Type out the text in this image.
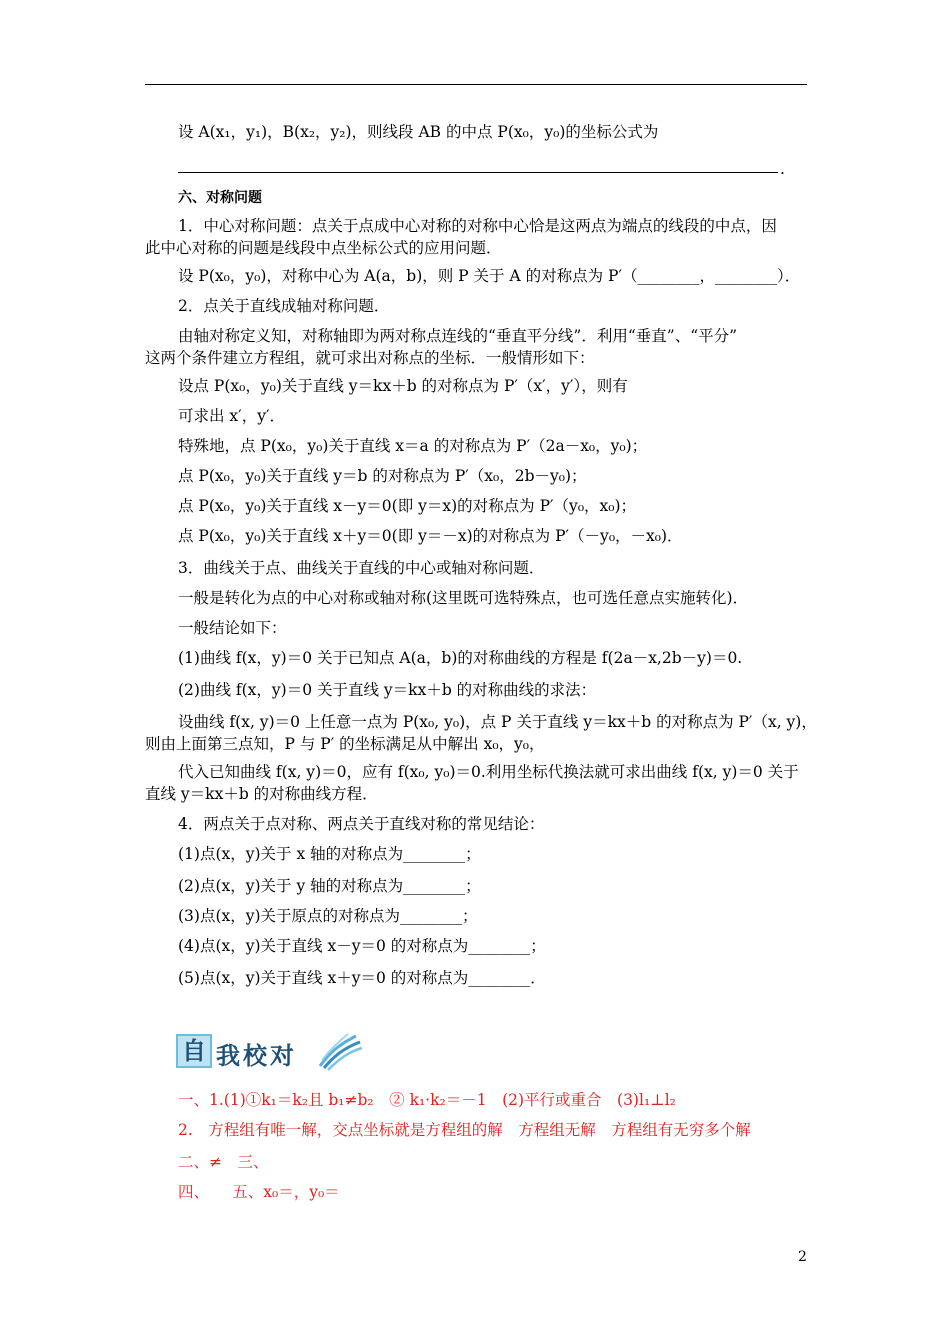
设 A(x₁，y₁)，B(x₂，y₂)，则线段 AB 的中点 P(x₀，y₀)的坐标公式为
.
六、对称问题
1．中心对称问题：点关于点成中心对称的对称中心恰是这两点为端点的线段的中点，因
此中心对称的问题是线段中点坐标公式的应用问题．
设 P(x₀，y₀)，对称中心为 A(a，b)，则 P 关于 A 的对称点为 P′（________，________）．
2．点关于直线成轴对称问题．
由轴对称定义知，对称轴即为两对称点连线的“垂直平分线”．利用“垂直”、“平分”
这两个条件建立方程组，就可求出对称点的坐标．一般情形如下：
设点 P(x₀，y₀)关于直线 y＝kx＋b 的对称点为 P′（x′，y′），则有
可求出 x′，y′．
特殊地，点 P(x₀，y₀)关于直线 x＝a 的对称点为 P′（2a－x₀，y₀)；
点 P(x₀，y₀)关于直线 y＝b 的对称点为 P′（x₀，2b－y₀)；
点 P(x₀，y₀)关于直线 x－y＝0(即 y＝x)的对称点为 P′（y₀，x₀)；
点 P(x₀，y₀)关于直线 x＋y＝0(即 y＝－x)的对称点为 P′（－y₀，－x₀)．
3．曲线关于点、曲线关于直线的中心或轴对称问题．
一般是转化为点的中心对称或轴对称(这里既可选特殊点，也可选任意点实施转化)．
一般结论如下：
(1)曲线 f(x，y)＝0 关于已知点 A(a，b)的对称曲线的方程是 f(2a－x,2b－y)＝0.
(2)曲线 f(x，y)＝0 关于直线 y＝kx＋b 的对称曲线的求法：
设曲线 f(x, y)＝0 上任意一点为 P(x₀, y₀)，点 P 关于直线 y＝kx＋b 的对称点为 P′（x, y)，
则由上面第三点知，P 与 P′ 的坐标满足从中解出 x₀，y₀，
代入已知曲线 f(x, y)＝0，应有 f(x₀, y₀)＝0.利用坐标代换法就可求出曲线 f(x, y)＝0 关于
直线 y＝kx＋b 的对称曲线方程．
4．两点关于点对称、两点关于直线对称的常见结论：
(1)点(x，y)关于 x 轴的对称点为________；
(2)点(x，y)关于 y 轴的对称点为________；
(3)点(x，y)关于原点的对称点为________；
(4)点(x，y)关于直线 x－y＝0 的对称点为________；
(5)点(x，y)关于直线 x＋y＝0 的对称点为________．
自 我校对
一、1.(1)①k₁＝k₂且 b₁≠b₂　② k₁·k₂＝－1　(2)平行或重合　(3)l₁⊥l₂
2.　方程组有唯一解，交点坐标就是方程组的解　方程组无解　方程组有无穷多个解
二、≠　三、
四、　　五、x₀＝，y₀＝
2
